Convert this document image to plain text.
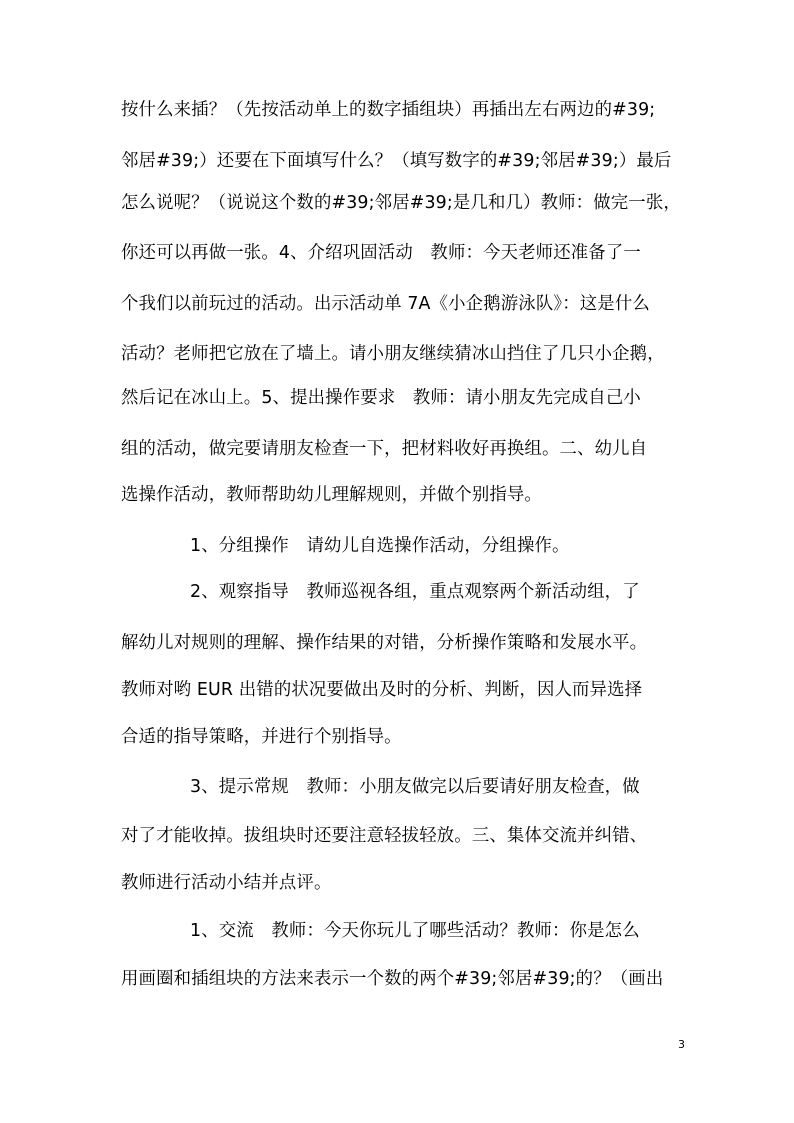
按什么来插？（先按活动单上的数字插组块）再插出左右两边的#39;
邻居#39;）还要在下面填写什么？（填写数字的#39;邻居#39;）最后
怎么说呢？（说说这个数的#39;邻居#39;是几和几）教师：做完一张，
你还可以再做一张。4、介绍巩固活动　教师：今天老师还准备了一
个我们以前玩过的活动。出示活动单 7A《小企鹅游泳队》：这是什么
活动？老师把它放在了墙上。请小朋友继续猜冰山挡住了几只小企鹅，
然后记在冰山上。5、提出操作要求　教师：请小朋友先完成自己小
组的活动，做完要请朋友检查一下，把材料收好再换组。二、幼儿自
选操作活动，教师帮助幼儿理解规则，并做个别指导。
1、分组操作　请幼儿自选操作活动，分组操作。
2、观察指导　教师巡视各组，重点观察两个新活动组，了
解幼儿对规则的理解、操作结果的对错，分析操作策略和发展水平。
教师对哟 EUR 出错的状况要做出及时的分析、判断，因人而异选择
合适的指导策略，并进行个别指导。
3、提示常规　教师：小朋友做完以后要请好朋友检查，做
对了才能收掉。拔组块时还要注意轻拔轻放。三、集体交流并纠错、
教师进行活动小结并点评。
1、交流　教师：今天你玩儿了哪些活动？教师：你是怎么
用画圈和插组块的方法来表示一个数的两个#39;邻居#39;的？（画出
3
